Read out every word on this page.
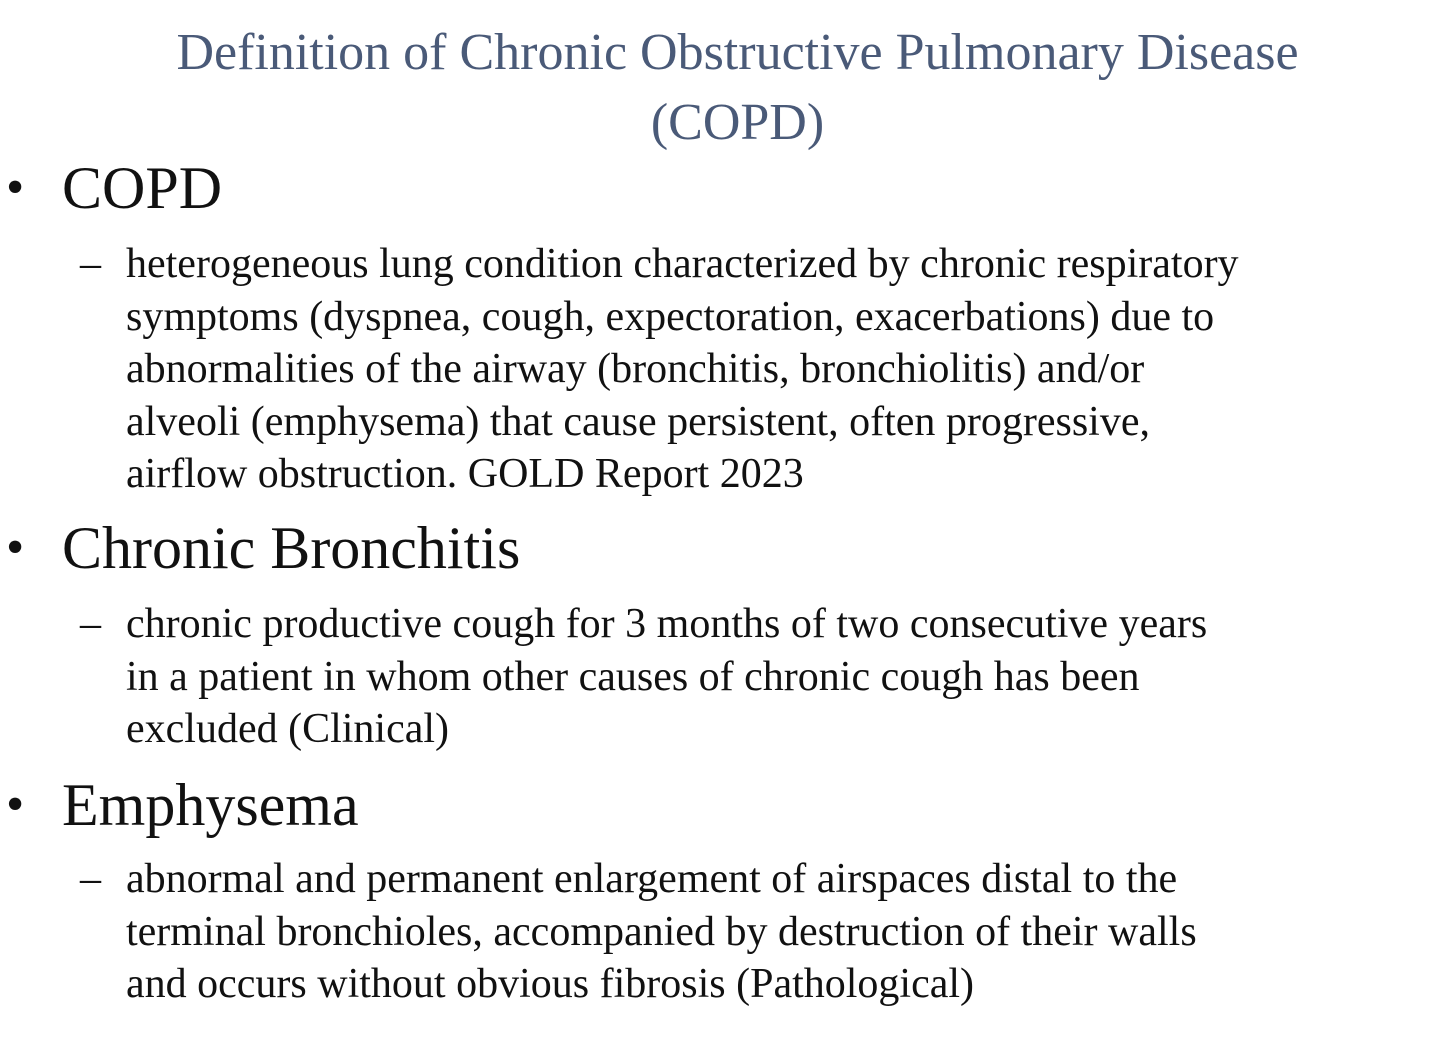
Definition of Chronic Obstructive Pulmonary Disease
(COPD)
• COPD
– heterogeneous lung condition characterized by chronic respiratory
symptoms (dyspnea, cough, expectoration, exacerbations) due to
abnormalities of the airway (bronchitis, bronchiolitis) and/or
alveoli (emphysema) that cause persistent, often progressive,
airflow obstruction. GOLD Report 2023
• Chronic Bronchitis
– chronic productive cough for 3 months of two consecutive years
in a patient in whom other causes of chronic cough has been
excluded (Clinical)
• Emphysema
– abnormal and permanent enlargement of airspaces distal to the
terminal bronchioles, accompanied by destruction of their walls
and occurs without obvious fibrosis (Pathological)
